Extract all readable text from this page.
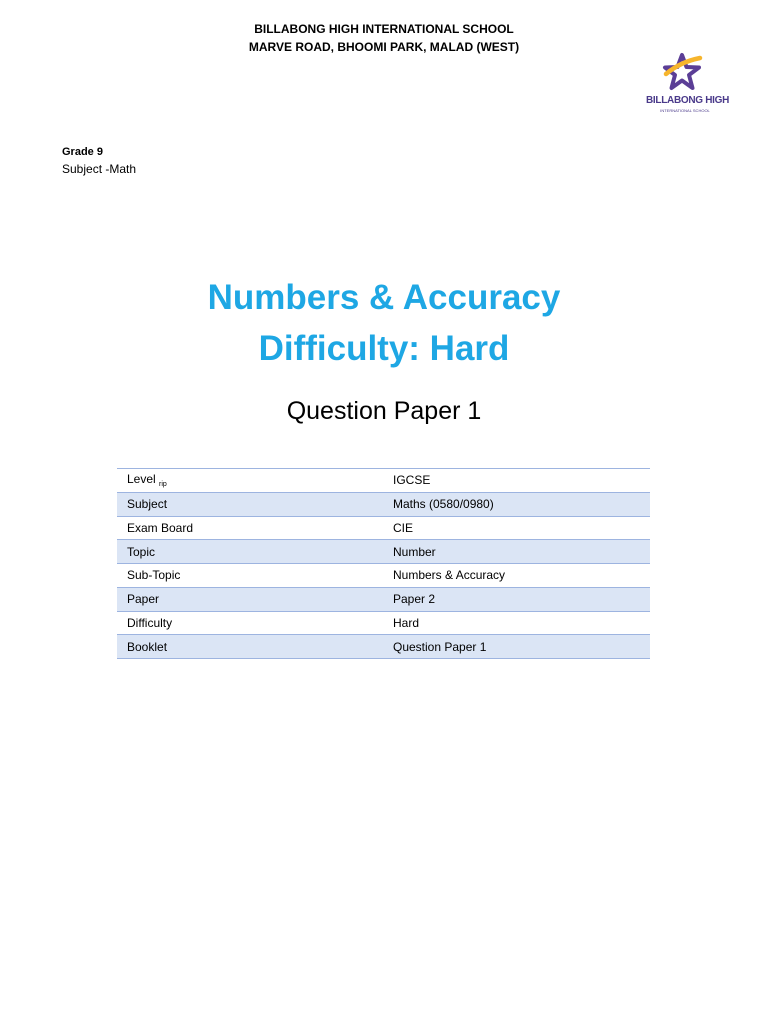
BILLABONG HIGH INTERNATIONAL SCHOOL
MARVE ROAD, BHOOMI PARK, MALAD (WEST)
BILLABONG HIGH
INTERNATIONAL SCHOOL
Grade 9
Subject -Math
Numbers & Accuracy
Difficulty: Hard
Question Paper 1
Level $_{rip}$	IGCSE
Subject	Maths (0580/0980)
Exam Board	CIE
Topic	Number
Sub-Topic	Numbers & Accuracy
Paper	Paper 2
Difficulty	Hard
Booklet	Question Paper 1
